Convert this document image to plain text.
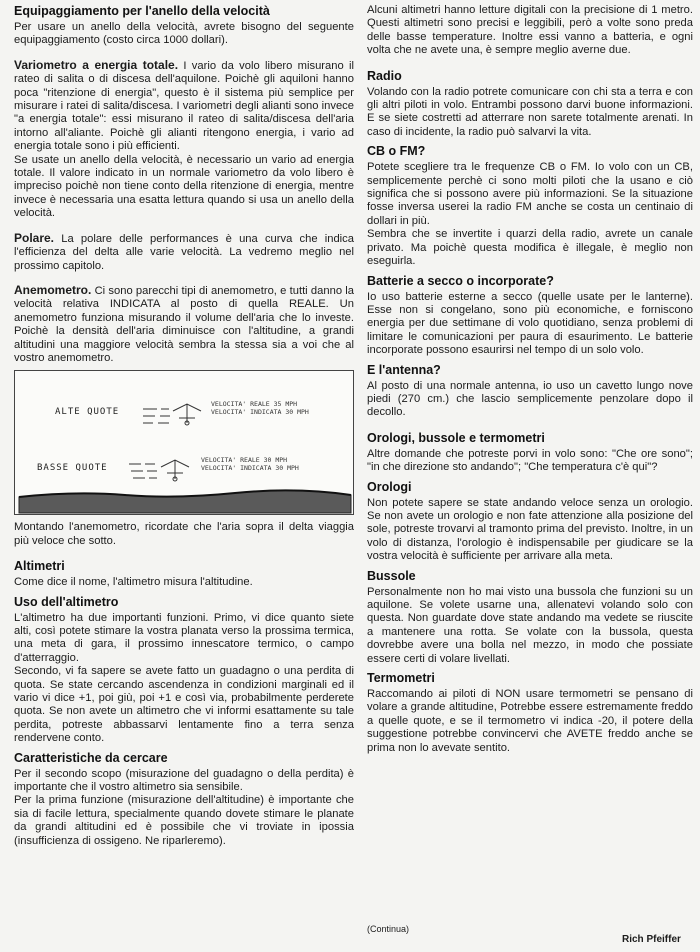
Equipaggiamento per l'anello della velocità

Per usare un anello della velocità, avrete bisogno del seguente equipaggiamento (costo circa 1000 dollari).

Variometro a energia totale. I vario da volo libero misurano il rateo di salita o di discesa dell'aquilone. Poichè gli aquiloni hanno poca "ritenzione di energia", questo è il sistema più semplice per misurare i ratei di salita/discesa. I variometri degli alianti sono invece "a energia totale": essi misurano il rateo di salita/discesa dell'aria intorno all'aliante. Poichè gli alianti ritengono energia, i vario ad energia totale sono i più efficienti.

Se usate un anello della velocità, è necessario un vario ad energia totale. Il valore indicato in un normale variometro da volo libero è impreciso poichè non tiene conto della ritenzione di energia, mentre invece è necessaria una esatta lettura quando si usa un anello della velocità.

Polare. La polare delle performances è una curva che indica l'efficienza del delta alle varie velocità. La vedremo meglio nel prossimo capitolo.

Anemometro. Ci sono parecchi tipi di anemometro, e tutti danno la velocità relativa INDICATA al posto di quella REALE. Un anemometro funziona misurando il volume dell'aria che lo investe. Poichè la densità dell'aria diminuisce con l'altitudine, a grandi altitudini una maggiore velocità sembra la stessa sia a voi che al vostro anemometro.

ALTE QUOTE
BASSE QUOTE
VELOCITA' REALE 35 MPH
VELOCITA' INDICATA 30 MPH
VELOCITA' REALE 30 MPH
VELOCITA' INDICATA 30 MPH

Montando l'anemometro, ricordate che l'aria sopra il delta viaggia più veloce che sotto.

Altimetri

Come dice il nome, l'altimetro misura l'altitudine.

Uso dell'altimetro

L'altimetro ha due importanti funzioni. Primo, vi dice quanto siete alti, così potete stimare la vostra planata verso la prossima termica, una meta di gara, il prossimo innescatore termico, o campo d'atterraggio.

Secondo, vi fa sapere se avete fatto un guadagno o una perdita di quota. Se state cercando ascendenza in condizioni marginali ed il vario vi dice +1, poi giù, poi +1 e così via, probabilmente perderete quota. Se non avete un altimetro che vi informi esattamente su tale perdita, potreste abbassarvi lentamente fino a terra senza rendervene conto.

Caratteristiche da cercare

Per il secondo scopo (misurazione del guadagno o della perdita) è importante che il vostro altimetro sia sensibile.

Per la prima funzione (misurazione dell'altitudine) è importante che sia di facile lettura, specialmente quando dovete stimare le planate da grandi altitudini ed è possibile che vi troviate in ipossia (insufficienza di ossigeno. Ne riparleremo).

Alcuni altimetri hanno letture digitali con la precisione di 1 metro. Questi altimetri sono precisi e leggibili, però a volte sono preda delle basse temperature. Inoltre essi vanno a batteria, e ogni volta che ne avete una, è sempre meglio averne due.

Radio

Volando con la radio potrete comunicare con chi sta a terra e con gli altri piloti in volo. Entrambi possono darvi buone informazioni. E se siete costretti ad atterrare non sarete totalmente arenati. In caso di incidente, la radio può salvarvi la vita.

CB o FM?

Potete scegliere tra le frequenze CB o FM. Io volo con un CB, semplicemente perchè ci sono molti piloti che la usano e ciò significa che si possono avere più informazioni. Se la situazione fosse inversa userei la radio FM anche se costa un centinaio di dollari in più.

Sembra che se invertite i quarzi della radio, avrete un canale privato. Ma poichè questa modifica è illegale, è meglio non eseguirla.

Batterie a secco o incorporate?

Io uso batterie esterne a secco (quelle usate per le lanterne). Esse non si congelano, sono più economiche, e forniscono energia per due settimane di volo quotidiano, senza problemi di limitare le comunicazioni per paura di esaurimento. Le batterie incorporate possono esaurirsi nel tempo di un solo volo.

E l'antenna?

Al posto di una normale antenna, io uso un cavetto lungo nove piedi (270 cm.) che lascio semplicemente penzolare dopo il decollo.

Orologi, bussole e termometri

Altre domande che potreste porvi in volo sono: "Che ore sono"; "in che direzione sto andando"; "Che temperatura c'è qui"?

Orologi

Non potete sapere se state andando veloce senza un orologio. Se non avete un orologio e non fate attenzione alla posizione del sole, potreste trovarvi al tramonto prima del previsto. Inoltre, in un volo di distanza, l'orologio è indispensabile per giudicare se la vostra velocità è sufficiente per arrivare alla meta.

Bussole

Personalmente non ho mai visto una bussola che funzioni su un aquilone. Se volete usarne una, allenatevi volando solo con questa. Non guardate dove state andando ma vedete se riuscite a mantenere una rotta. Se volate con la bussola, questa dovrebbe avere una bolla nel mezzo, in modo che possiate essere certi di volare livellati.

Termometri

Raccomando ai piloti di NON usare termometri se pensano di volare a grande altitudine, Potrebbe essere estremamente freddo a quelle quote, e se il termometro vi indica -20, il potere della suggestione potrebbe convincervi che AVETE freddo anche se prima non lo avevate sentito.

(Continua)
Rich Pfeiffer
